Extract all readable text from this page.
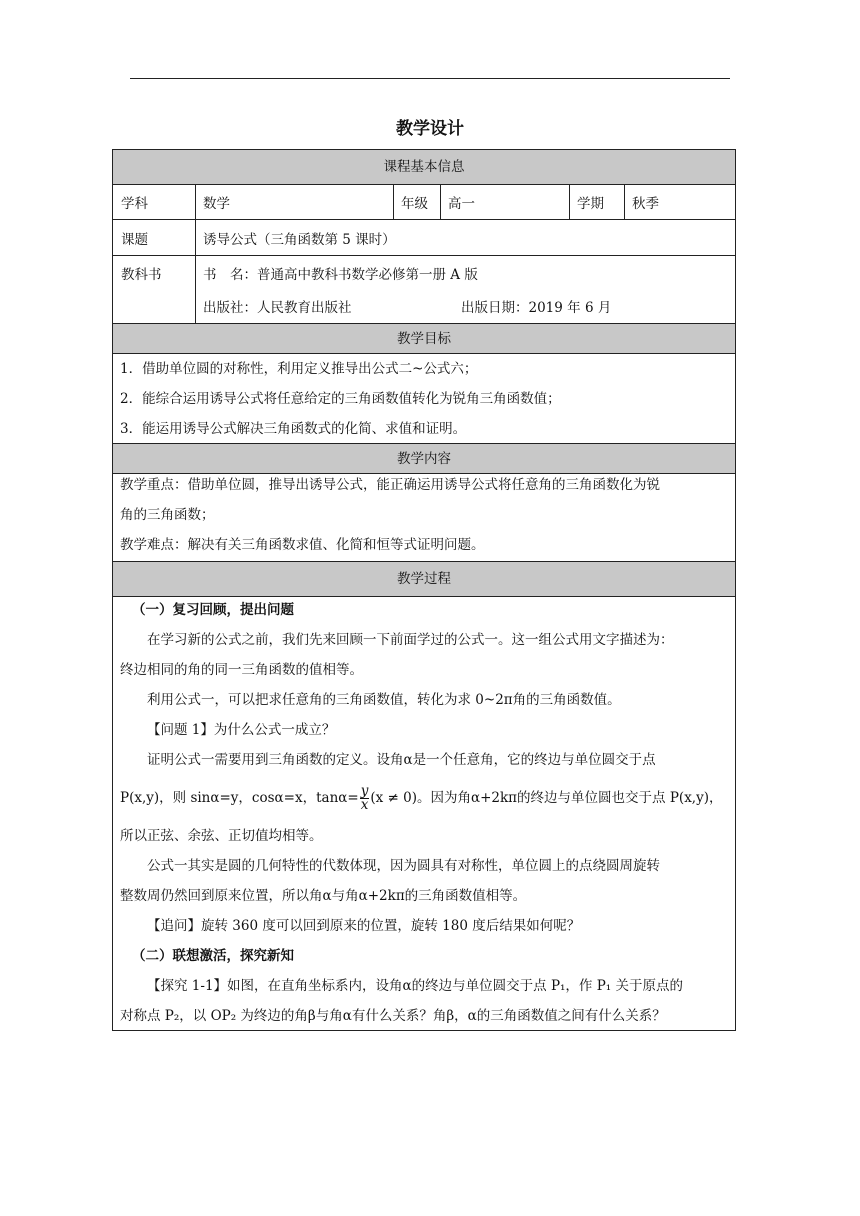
教学设计
课程基本信息
学科	数学	年级	高一	学期	秋季
课题	诱导公式（三角函数第 5 课时）
教科书	书　名：普通高中教科书数学必修第一册 A 版
出版社：人民教育出版社	出版日期：2019 年 6 月
教学目标
1．借助单位圆的对称性，利用定义推导出公式二~公式六；
2．能综合运用诱导公式将任意给定的三角函数值转化为锐角三角函数值；
3．能运用诱导公式解决三角函数式的化简、求值和证明。
教学内容
教学重点：借助单位圆，推导出诱导公式，能正确运用诱导公式将任意角的三角函数化为锐
角的三角函数；
教学难点：解决有关三角函数求值、化简和恒等式证明问题。
教学过程
（一）复习回顾，提出问题
在学习新的公式之前，我们先来回顾一下前面学过的公式一。这一组公式用文字描述为：
终边相同的角的同一三角函数的值相等。
利用公式一，可以把求任意角的三角函数值，转化为求 0~2π角的三角函数值。
【问题 1】为什么公式一成立？
证明公式一需要用到三角函数的定义。设角α是一个任意角，它的终边与单位圆交于点
P(x,y)，则 sinα=y，cosα=x，$\tan\alpha= \frac{y}{x} (x \ne 0)$。因为角α+2kπ的终边与单位圆也交于点 P(x,y)，
所以正弦、余弦、正切值均相等。
公式一其实是圆的几何特性的代数体现，因为圆具有对称性，单位圆上的点绕圆周旋转
整数周仍然回到原来位置，所以角α与角α+2kπ的三角函数值相等。
【追问】旋转 360 度可以回到原来的位置，旋转 180 度后结果如何呢？
（二）联想激活，探究新知
【探究 1-1】如图，在直角坐标系内，设角α的终边与单位圆交于点 P₁，作 P₁ 关于原点的
对称点 P₂，以 OP₂ 为终边的角β与角α有什么关系？角β，α的三角函数值之间有什么关系？
